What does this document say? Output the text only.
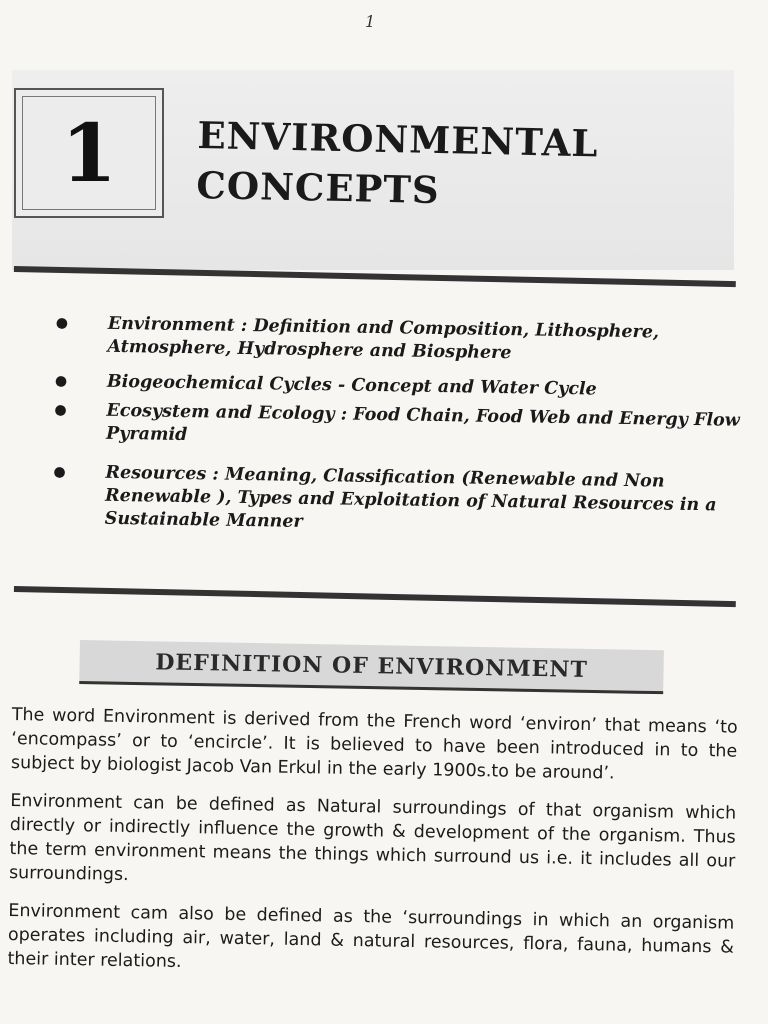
1
1 ENVIRONMENTAL
CONCEPTS
● Environment : Definition and Composition, Lithosphere, Atmosphere, Hydrosphere and Biosphere
● Biogeochemical Cycles - Concept and Water Cycle
● Ecosystem and Ecology : Food Chain, Food Web and Energy Flow Pyramid
● Resources : Meaning, Classification (Renewable and Non Renewable ), Types and Exploitation of Natural Resources in a Sustainable Manner
DEFINITION OF ENVIRONMENT

The word Environment is derived from the French word ‘environ’ that means ‘to ‘encompass’ or to ‘encircle’. It is believed to have been introduced in to the subject by biologist Jacob Van Erkul in the early 1900s.to be around’.

Environment can be defined as Natural surroundings of that organism which directly or indirectly influence the growth & development of the organism. Thus the term environment means the things which surround us i.e. it includes all our surroundings.

Environment cam also be defined as the ‘surroundings in which an organism operates including air, water, land & natural resources, flora, fauna, humans & their inter relations.
